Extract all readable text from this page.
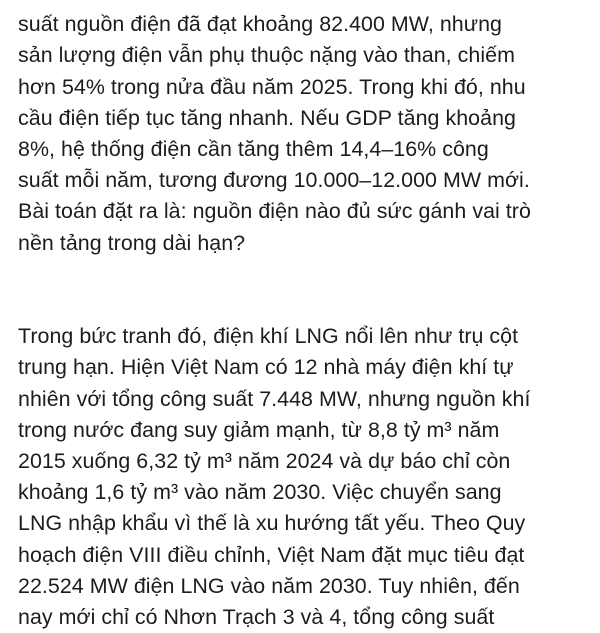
suất nguồn điện đã đạt khoảng 82.400 MW, nhưng
sản lượng điện vẫn phụ thuộc nặng vào than, chiếm
hơn 54% trong nửa đầu năm 2025. Trong khi đó, nhu
cầu điện tiếp tục tăng nhanh. Nếu GDP tăng khoảng
8%, hệ thống điện cần tăng thêm 14,4–16% công
suất mỗi năm, tương đương 10.000–12.000 MW mới.
Bài toán đặt ra là: nguồn điện nào đủ sức gánh vai trò
nền tảng trong dài hạn?
Trong bức tranh đó, điện khí LNG nổi lên như trụ cột
trung hạn. Hiện Việt Nam có 12 nhà máy điện khí tự
nhiên với tổng công suất 7.448 MW, nhưng nguồn khí
trong nước đang suy giảm mạnh, từ 8,8 tỷ m³ năm
2015 xuống 6,32 tỷ m³ năm 2024 và dự báo chỉ còn
khoảng 1,6 tỷ m³ vào năm 2030. Việc chuyển sang
LNG nhập khẩu vì thế là xu hướng tất yếu. Theo Quy
hoạch điện VIII điều chỉnh, Việt Nam đặt mục tiêu đạt
22.524 MW điện LNG vào năm 2030. Tuy nhiên, đến
nay mới chỉ có Nhơn Trạch 3 và 4, tổng công suất
